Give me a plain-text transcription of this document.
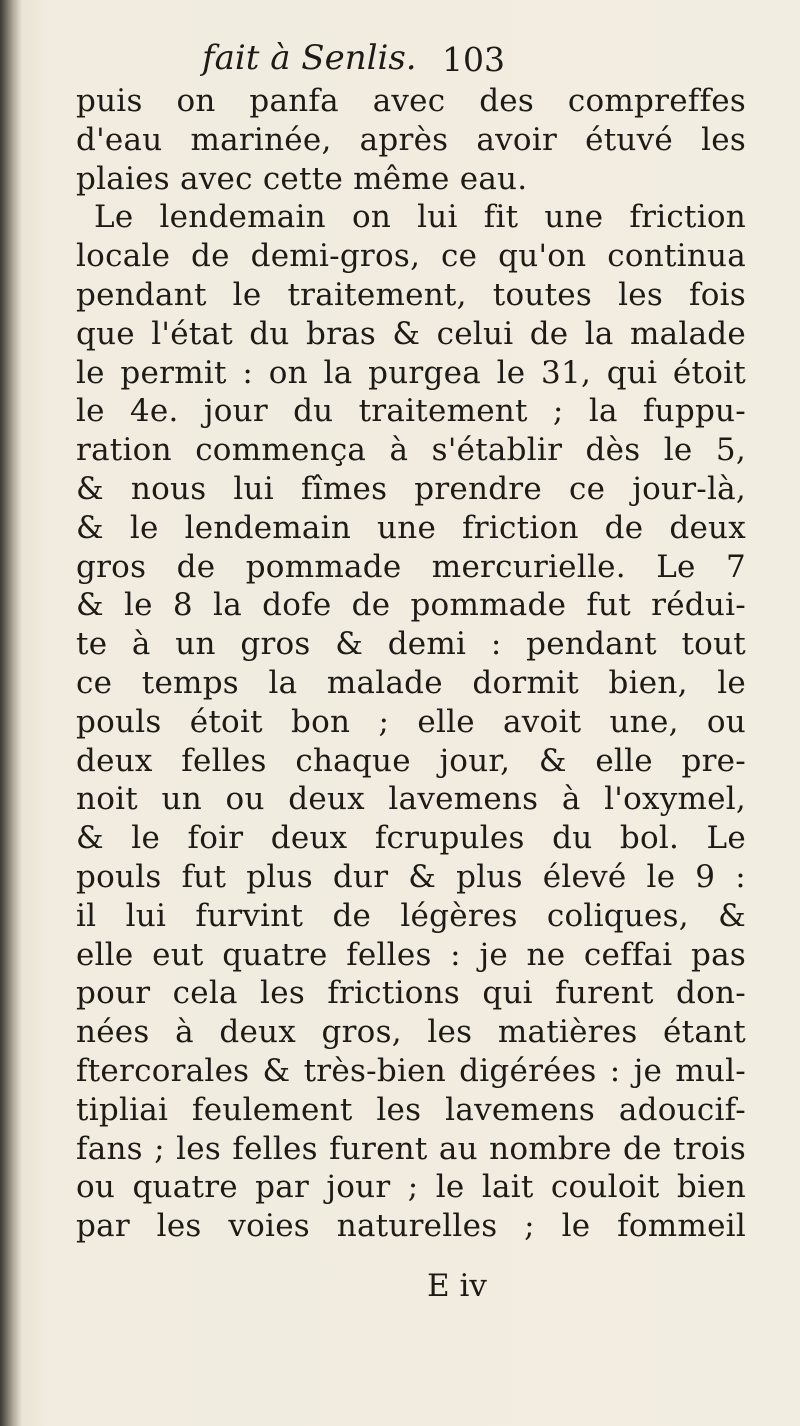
fait à Senlis. 103
puis on panfa avec des compreffes
d'eau marinée, après avoir étuvé les
plaies avec cette même eau.
Le lendemain on lui fit une friction
locale de demi-gros, ce qu'on continua
pendant le traitement, toutes les fois
que l'état du bras & celui de la malade
le permit : on la purgea le 31, qui étoit
le 4e. jour du traitement ; la fuppu-
ration commença à s'établir dès le 5,
& nous lui fîmes prendre ce jour-là,
& le lendemain une friction de deux
gros de pommade mercurielle. Le 7
& le 8 la dofe de pommade fut rédui-
te à un gros & demi : pendant tout
ce temps la malade dormit bien, le
pouls étoit bon ; elle avoit une, ou
deux felles chaque jour, & elle pre-
noit un ou deux lavemens à l'oxymel,
& le foir deux fcrupules du bol. Le
pouls fut plus dur & plus élevé le 9 :
il lui furvint de légères coliques, &
elle eut quatre felles : je ne ceffai pas
pour cela les frictions qui furent don-
nées à deux gros, les matières étant
ftercorales & très-bien digérées : je mul-
tipliai feulement les lavemens adoucif-
fans ; les felles furent au nombre de trois
ou quatre par jour ; le lait couloit bien
par les voies naturelles ; le fommeil
E iv
